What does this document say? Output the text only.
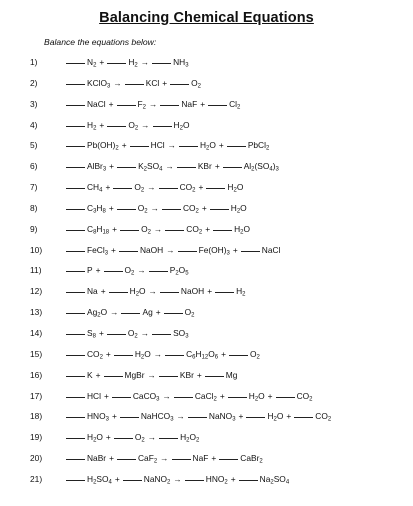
Balancing Chemical Equations
Balance the equations below:
1)	$N_2$ +	$H_2$ →	$NH_3$
2)	KClO$_3$ →	KCl +	$O_2$
3)	NaCl +	$F_2$ →	NaF +	$Cl_2$
4)	$H_2$ +	$O_2$ →	$H_2O$
5)	$Pb(OH)_2$ +	HCl →	$H_2O$ +	PbCl$_2$
6)	AlBr$_3$ +	$K_2SO_4$ →	KBr +	$Al_2(SO_4)_3$
7)	$CH_4$ +	$O_2$ →	$CO_2$ +	$H_2O$
8)	$C_3H_8$ +	$O_2$ →	$CO_2$ +	$H_2O$
9)	$C_8H_{18}$ +	$O_2$ →	$CO_2$ +	$H_2O$
10)	FeCl$_3$ +	NaOH →	$Fe(OH)_3$ +	NaCl
11)	P +	$O_2$ →	$P_2O_5$
12)	Na +	$H_2O$ →	NaOH +	$H_2$
13)	$Ag_2O$ →	Ag +	$O_2$
14)	$S_8$ +	$O_2$ →	$SO_3$
15)	$CO_2$ +	$H_2O$ →	$C_6H_{12}O_6$ +	$O_2$
16)	K +	MgBr →	KBr +	Mg
17)	HCl +	CaCO$_3$ →	CaCl$_2$ +	$H_2O$ +	$CO_2$
18)	$HNO_3$ +	NaHCO$_3$ →	NaNO$_3$ +	$H_2O$ +	$CO_2$
19)	$H_2O$ +	$O_2$ →	$H_2O_2$
20)	NaBr +	CaF$_2$ →	NaF +	CaBr$_2$
21)	$H_2SO_4$ +	NaNO$_2$ →	$HNO_2$ +	$Na_2SO_4$
